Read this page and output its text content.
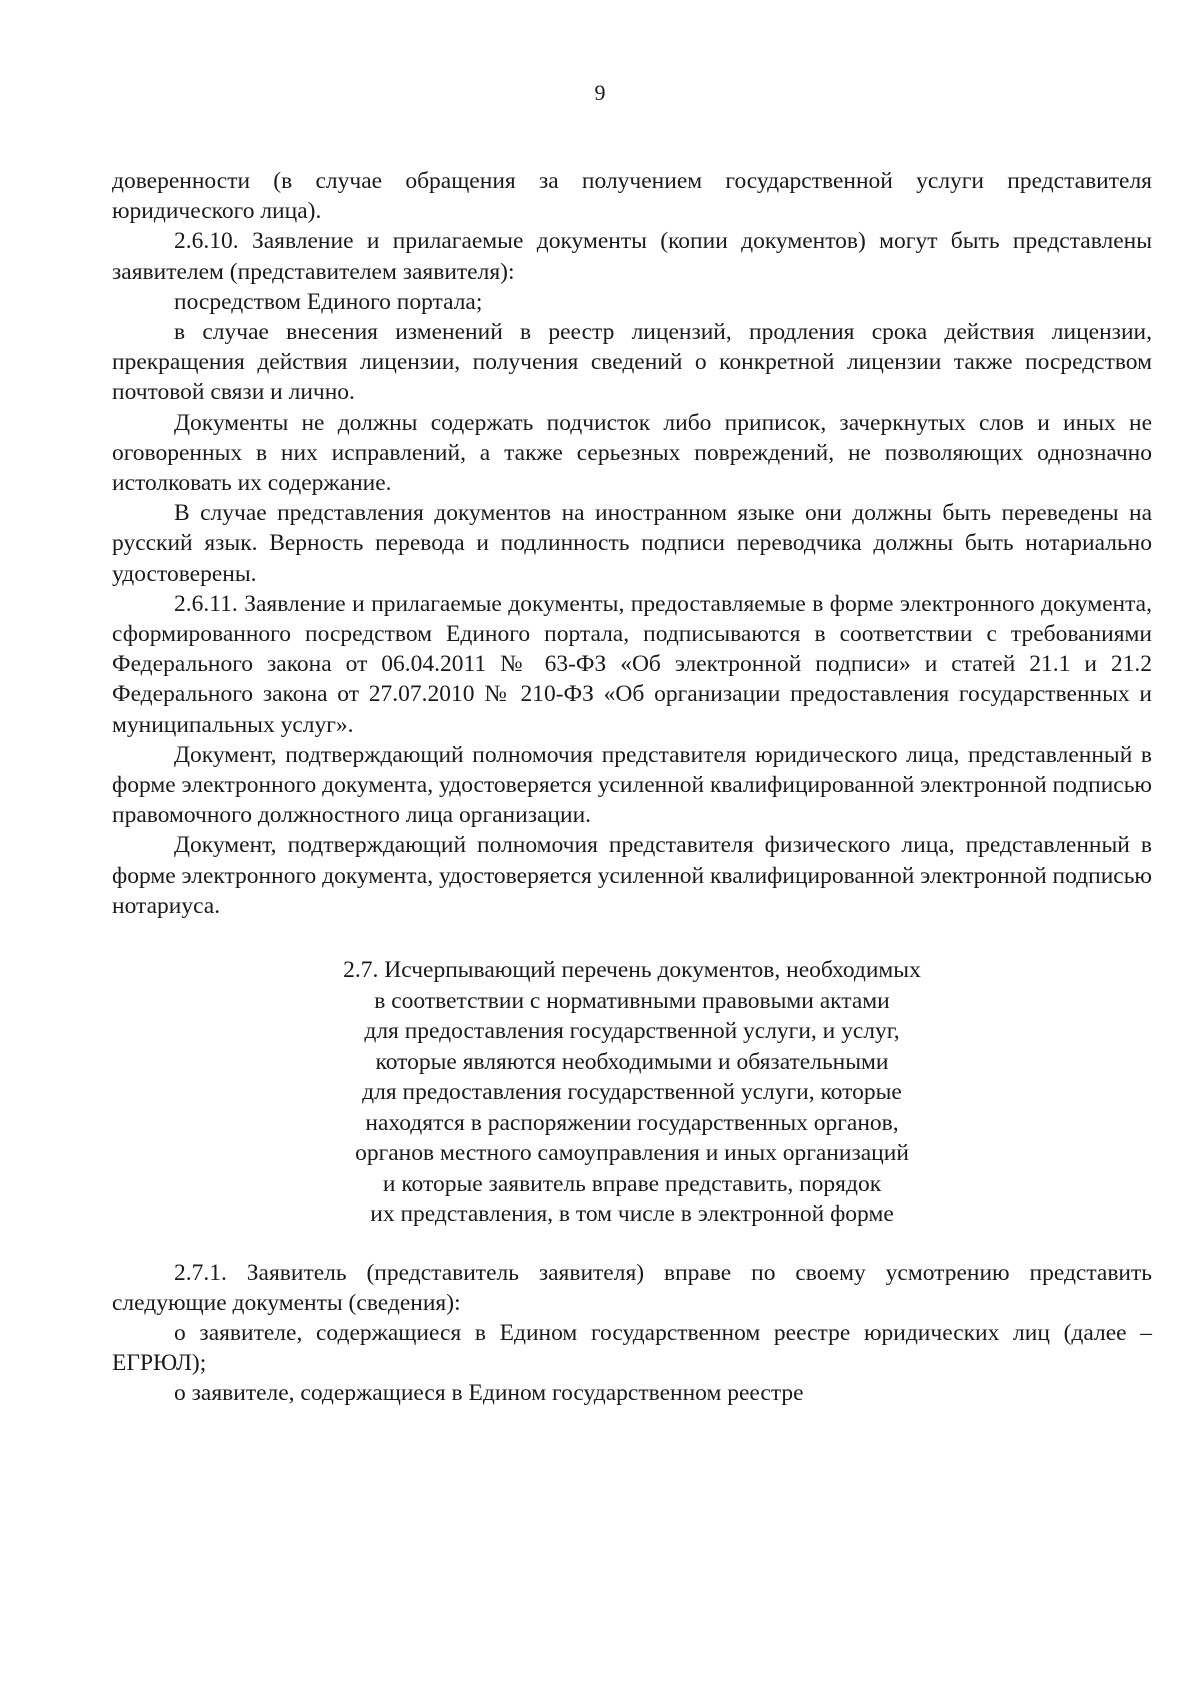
9

доверенности (в случае обращения за получением государственной услуги представителя юридического лица).

2.6.10. Заявление и прилагаемые документы (копии документов) могут быть представлены заявителем (представителем заявителя):

посредством Единого портала;

в случае внесения изменений в реестр лицензий, продления срока действия лицензии, прекращения действия лицензии, получения сведений о конкретной лицензии также посредством почтовой связи и лично.

Документы не должны содержать подчисток либо приписок, зачеркнутых слов и иных не оговоренных в них исправлений, а также серьезных повреждений, не позволяющих однозначно истолковать их содержание.

В случае представления документов на иностранном языке они должны быть переведены на русский язык. Верность перевода и подлинность подписи переводчика должны быть нотариально удостоверены.

2.6.11. Заявление и прилагаемые документы, предоставляемые в форме электронного документа, сформированного посредством Единого портала, подписываются в соответствии с требованиями Федерального закона от 06.04.2011 № 63-ФЗ «Об электронной подписи» и статей 21.1 и 21.2 Федерального закона от 27.07.2010 № 210-ФЗ «Об организации предоставления государственных и муниципальных услуг».

Документ, подтверждающий полномочия представителя юридического лица, представленный в форме электронного документа, удостоверяется усиленной квалифицированной электронной подписью правомочного должностного лица организации.

Документ, подтверждающий полномочия представителя физического лица, представленный в форме электронного документа, удостоверяется усиленной квалифицированной электронной подписью нотариуса.

2.7. Исчерпывающий перечень документов, необходимых
в соответствии с нормативными правовыми актами
для предоставления государственной услуги, и услуг,
которые являются необходимыми и обязательными
для предоставления государственной услуги, которые
находятся в распоряжении государственных органов,
органов местного самоуправления и иных организаций
и которые заявитель вправе представить, порядок
их представления, в том числе в электронной форме

2.7.1. Заявитель (представитель заявителя) вправе по своему усмотрению представить следующие документы (сведения):

о заявителе, содержащиеся в Едином государственном реестре юридических лиц (далее – ЕГРЮЛ);

о заявителе, содержащиеся в Едином государственном реестре
